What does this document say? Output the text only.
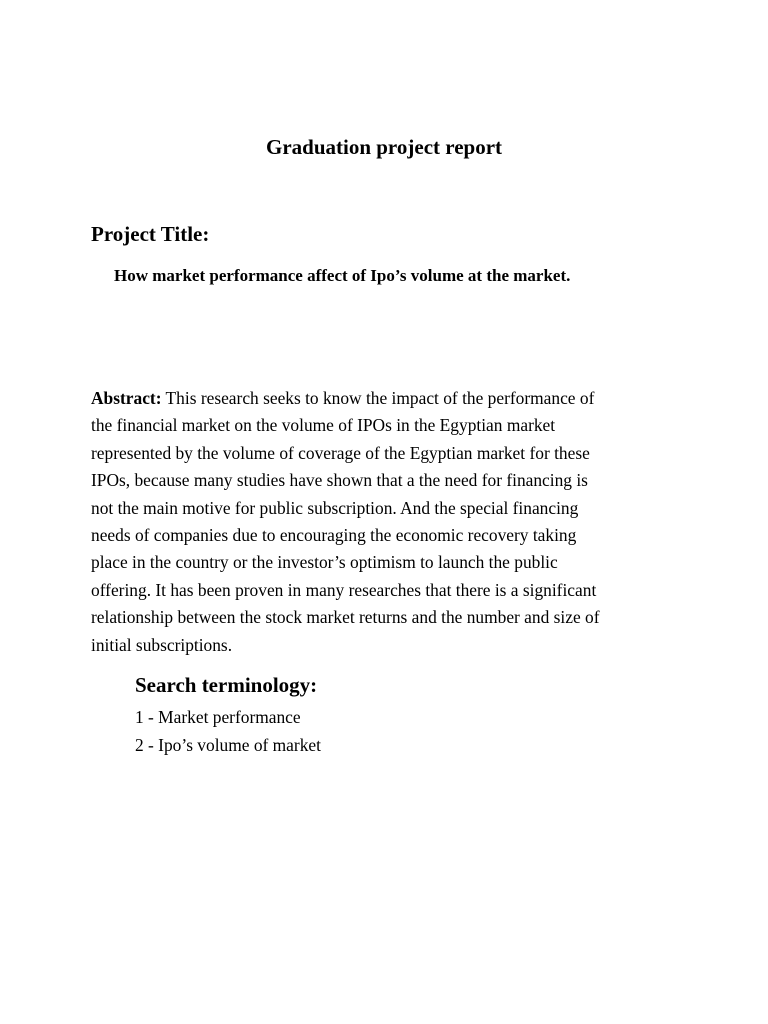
Graduation project report
Project Title:

How market performance affect of Ipo’s volume at the market.

Abstract: This research seeks to know the impact of the performance of
the financial market on the volume of IPOs in the Egyptian market
represented by the volume of coverage of the Egyptian market for these
IPOs, because many studies have shown that a the need for financing is
not the main motive for public subscription. And the special financing
needs of companies due to encouraging the economic recovery taking
place in the country or the investor’s optimism to launch the public
offering. It has been proven in many researches that there is a significant
relationship between the stock market returns and the number and size of
initial subscriptions.
Search terminology:
1 - Market performance
2 - Ipo’s volume of market
